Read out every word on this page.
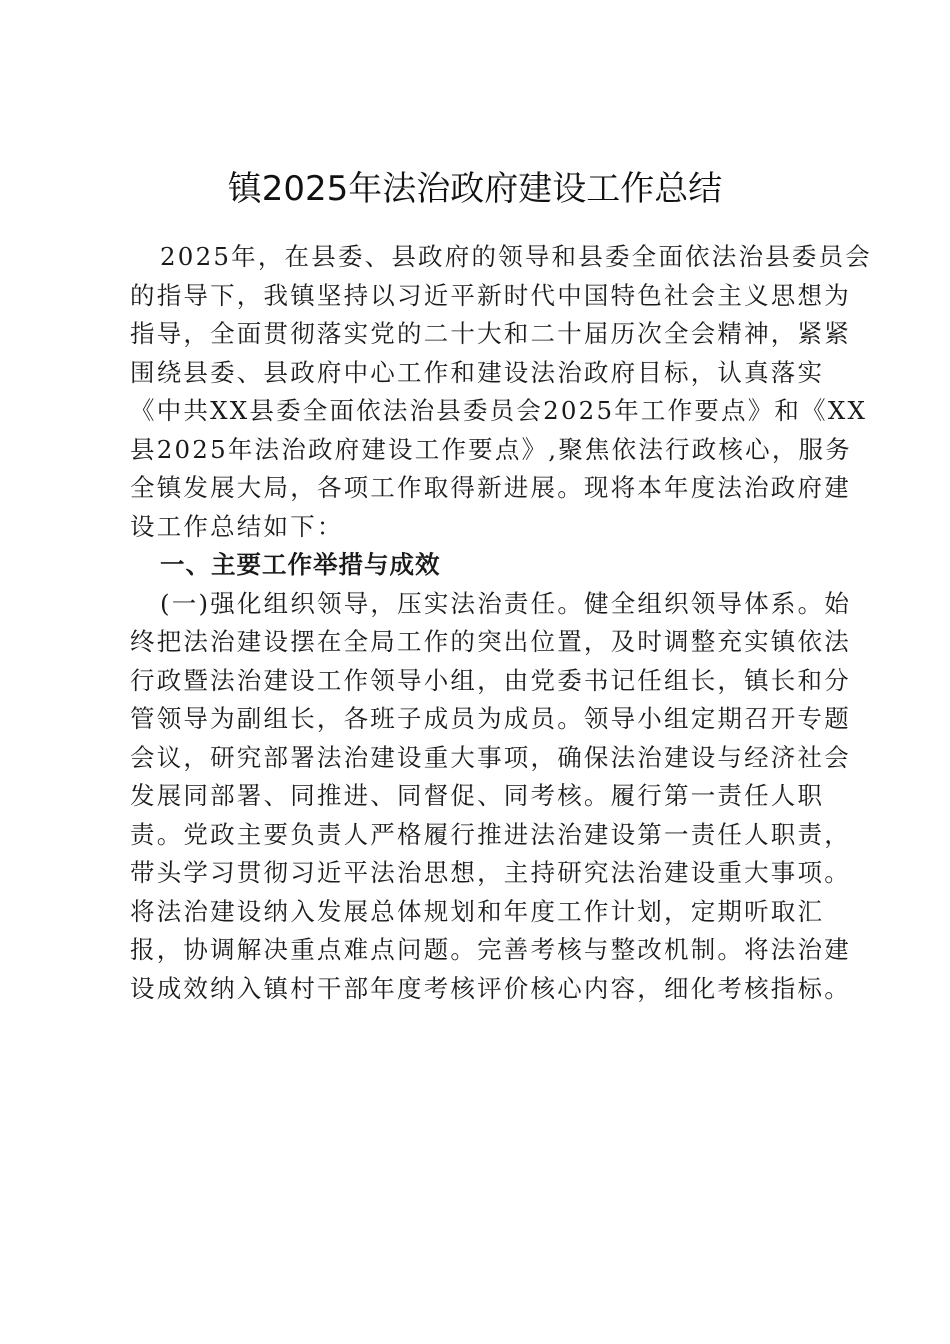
镇2025年法治政府建设工作总结
2025年，在县委、县政府的领导和县委全面依法治县委员会
的指导下，我镇坚持以习近平新时代中国特色社会主义思想为
指导，全面贯彻落实党的二十大和二十届历次全会精神，紧紧
围绕县委、县政府中心工作和建设法治政府目标，认真落实
《中共XX县委全面依法治县委员会2025年工作要点》和《XX
县2025年法治政府建设工作要点》,聚焦依法行政核心，服务
全镇发展大局，各项工作取得新进展。现将本年度法治政府建
设工作总结如下：
一、主要工作举措与成效
(一)强化组织领导，压实法治责任。健全组织领导体系。始
终把法治建设摆在全局工作的突出位置，及时调整充实镇依法
行政暨法治建设工作领导小组，由党委书记任组长，镇长和分
管领导为副组长，各班子成员为成员。领导小组定期召开专题
会议，研究部署法治建设重大事项，确保法治建设与经济社会
发展同部署、同推进、同督促、同考核。履行第一责任人职
责。党政主要负责人严格履行推进法治建设第一责任人职责，
带头学习贯彻习近平法治思想，主持研究法治建设重大事项。
将法治建设纳入发展总体规划和年度工作计划，定期听取汇
报，协调解决重点难点问题。完善考核与整改机制。将法治建
设成效纳入镇村干部年度考核评价核心内容，细化考核指标。
